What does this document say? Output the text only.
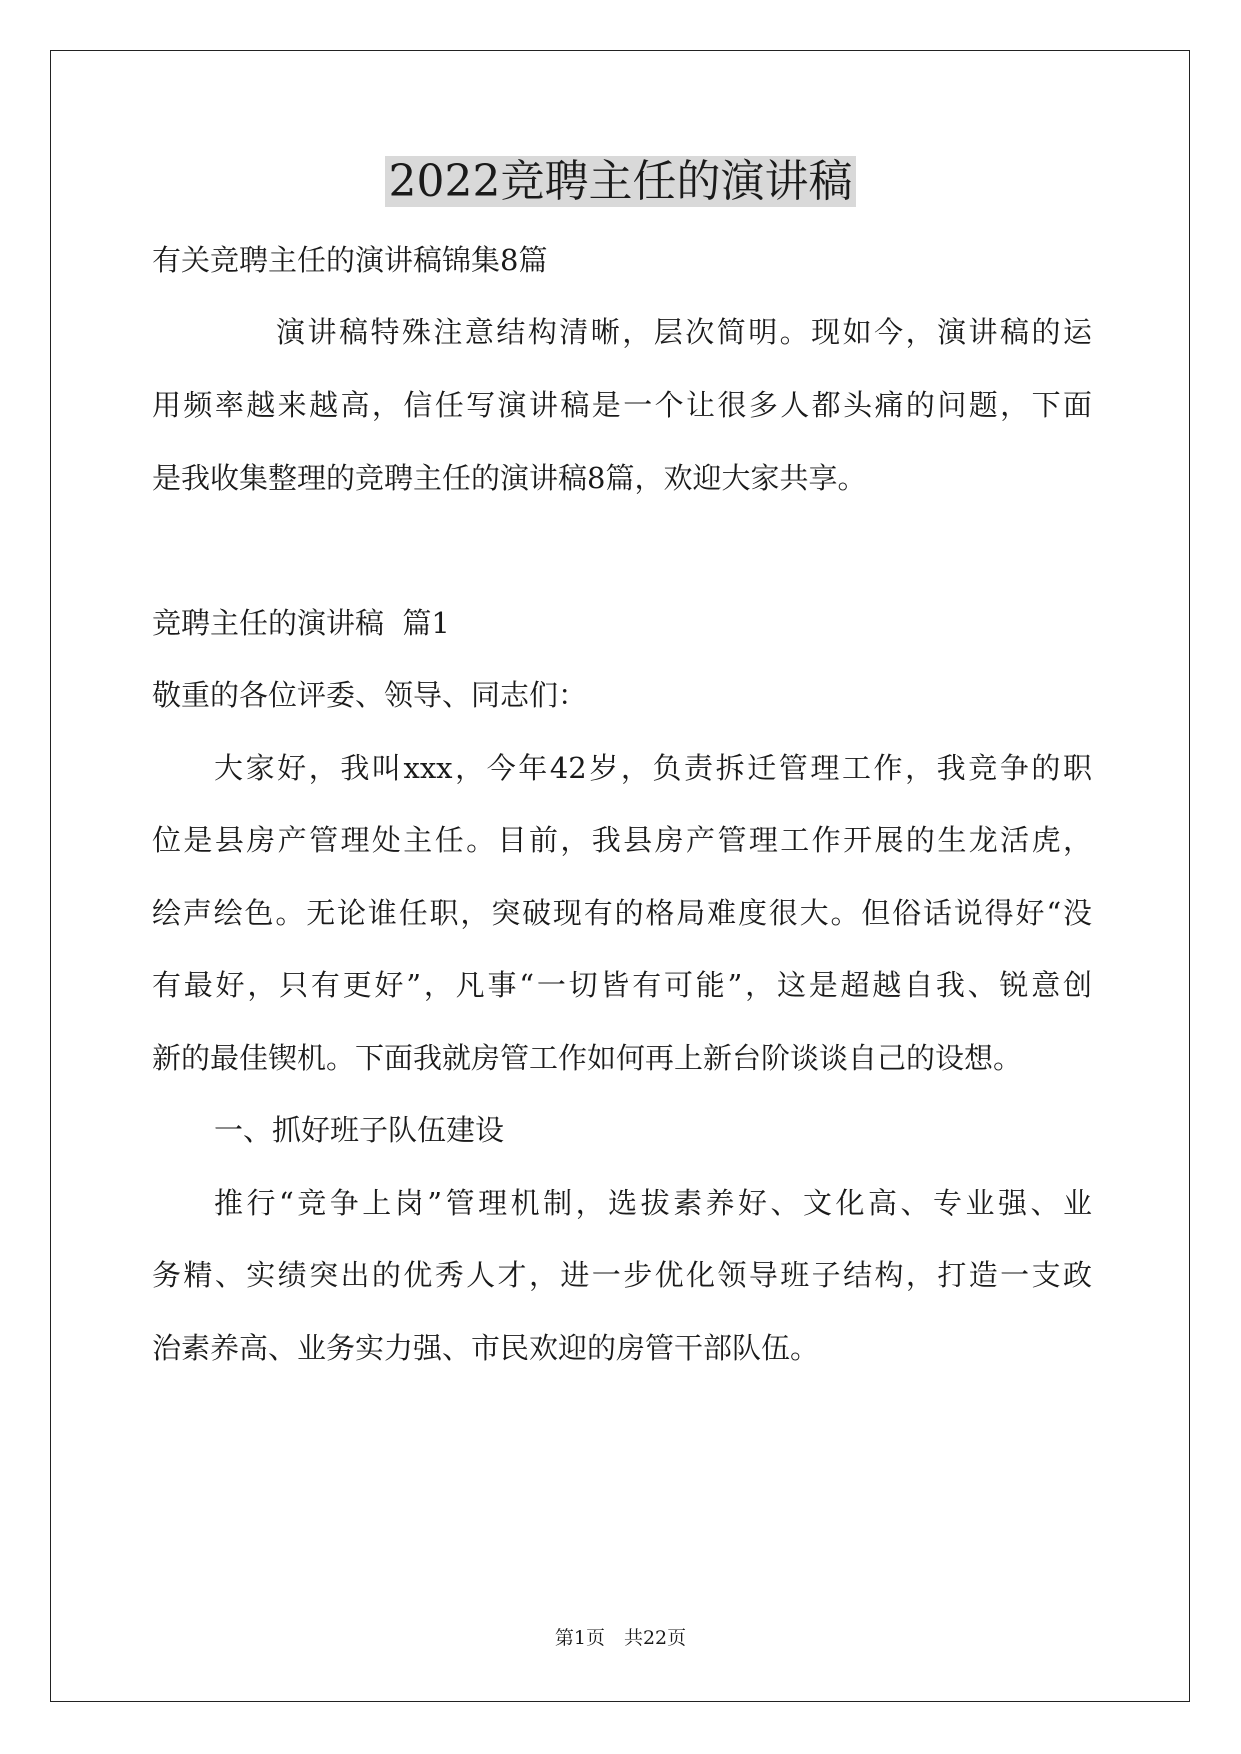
2022竞聘主任的演讲稿
有关竞聘主任的演讲稿锦集8篇
演讲稿特殊注意结构清晰，层次简明。现如今，演讲稿的运
用频率越来越高，信任写演讲稿是一个让很多人都头痛的问题，下面
是我收集整理的竞聘主任的演讲稿8篇，欢迎大家共享。
竞聘主任的演讲稿  篇1
敬重的各位评委、领导、同志们：
大家好，我叫xxx，今年42岁，负责拆迁管理工作，我竞争的职
位是县房产管理处主任。目前，我县房产管理工作开展的生龙活虎，
绘声绘色。无论谁任职，突破现有的格局难度很大。但俗话说得好“没
有最好，只有更好”，凡事“一切皆有可能”，这是超越自我、锐意创
新的最佳锲机。下面我就房管工作如何再上新台阶谈谈自己的设想。
一、抓好班子队伍建设
推行“竞争上岗”管理机制，选拔素养好、文化高、专业强、业
务精、实绩突出的优秀人才，进一步优化领导班子结构，打造一支政
治素养高、业务实力强、市民欢迎的房管干部队伍。
第1页　共22页
